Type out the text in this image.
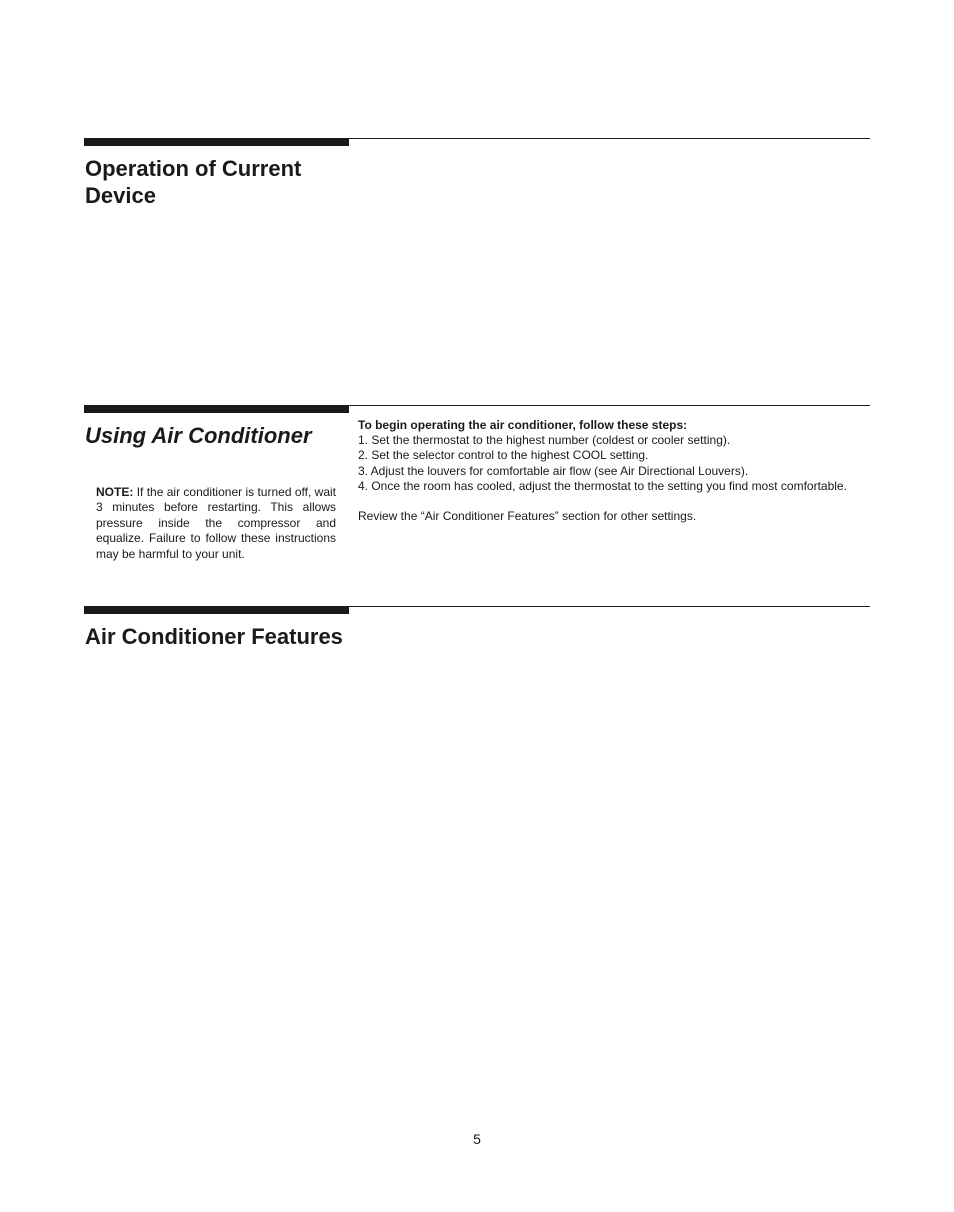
Operation of Current
Device
Using Air Conditioner

NOTE: If the air conditioner is turned off, wait 3 minutes before restarting. This allows pressure inside the compressor and equalize. Failure to follow these instructions may be harmful to your unit.

To begin operating the air conditioner, follow these steps:
1. Set the thermostat to the highest number (coldest or cooler setting).
2. Set the selector control to the highest COOL setting.
3. Adjust the louvers for comfortable air flow (see Air Directional Louvers).
4. Once the room has cooled, adjust the thermostat to the setting you find most comfortable.
Review the “Air Conditioner Features” section for other settings.
Air Conditioner Features
5
